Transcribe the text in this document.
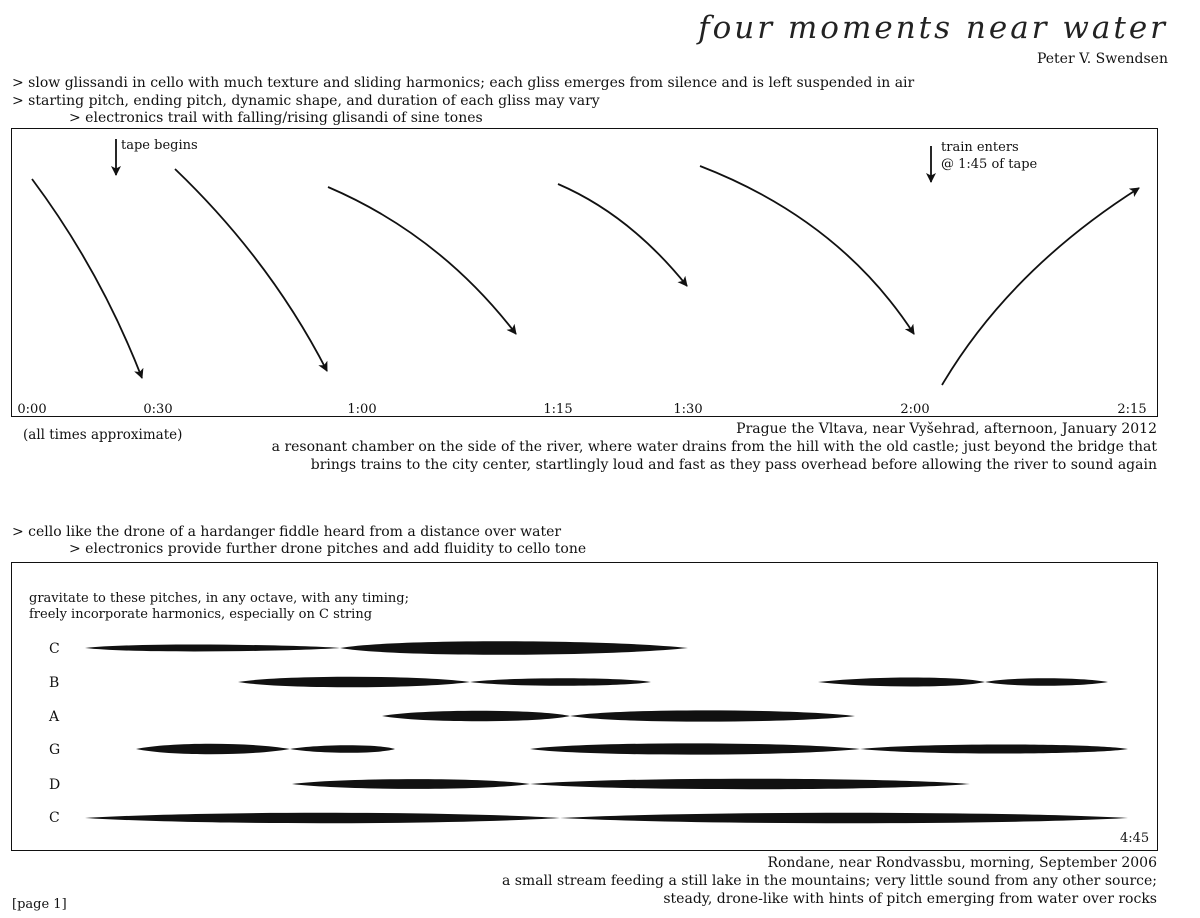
four moments near water
Peter V. Swendsen
> slow glissandi in cello with much texture and sliding harmonics; each gliss emerges from silence and is left suspended in air
> starting pitch, ending pitch, dynamic shape, and duration of each gliss may vary
> electronics trail with falling/rising glisandi of sine tones
tape begins	train enters
@ 1:45 of tape
0:00	0:30	1:00	1:15	1:30	2:00	2:15
(all times approximate)	Prague the Vltava, near Vyšehrad, afternoon, January 2012
a resonant chamber on the side of the river, where water drains from the hill with the old castle; just beyond the bridge that
brings trains to the city center, startlingly loud and fast as they pass overhead before allowing the river to sound again
> cello like the drone of a hardanger fiddle heard from a distance over water
> electronics provide further drone pitches and add fluidity to cello tone
gravitate to these pitches, in any octave, with any timing;
freely incorporate harmonics, especially on C string
C
B
A
G
D
C
4:45
Rondane, near Rondvassbu, morning, September 2006
a small stream feeding a still lake in the mountains; very little sound from any other source;
steady, drone-like with hints of pitch emerging from water over rocks
[page 1]
